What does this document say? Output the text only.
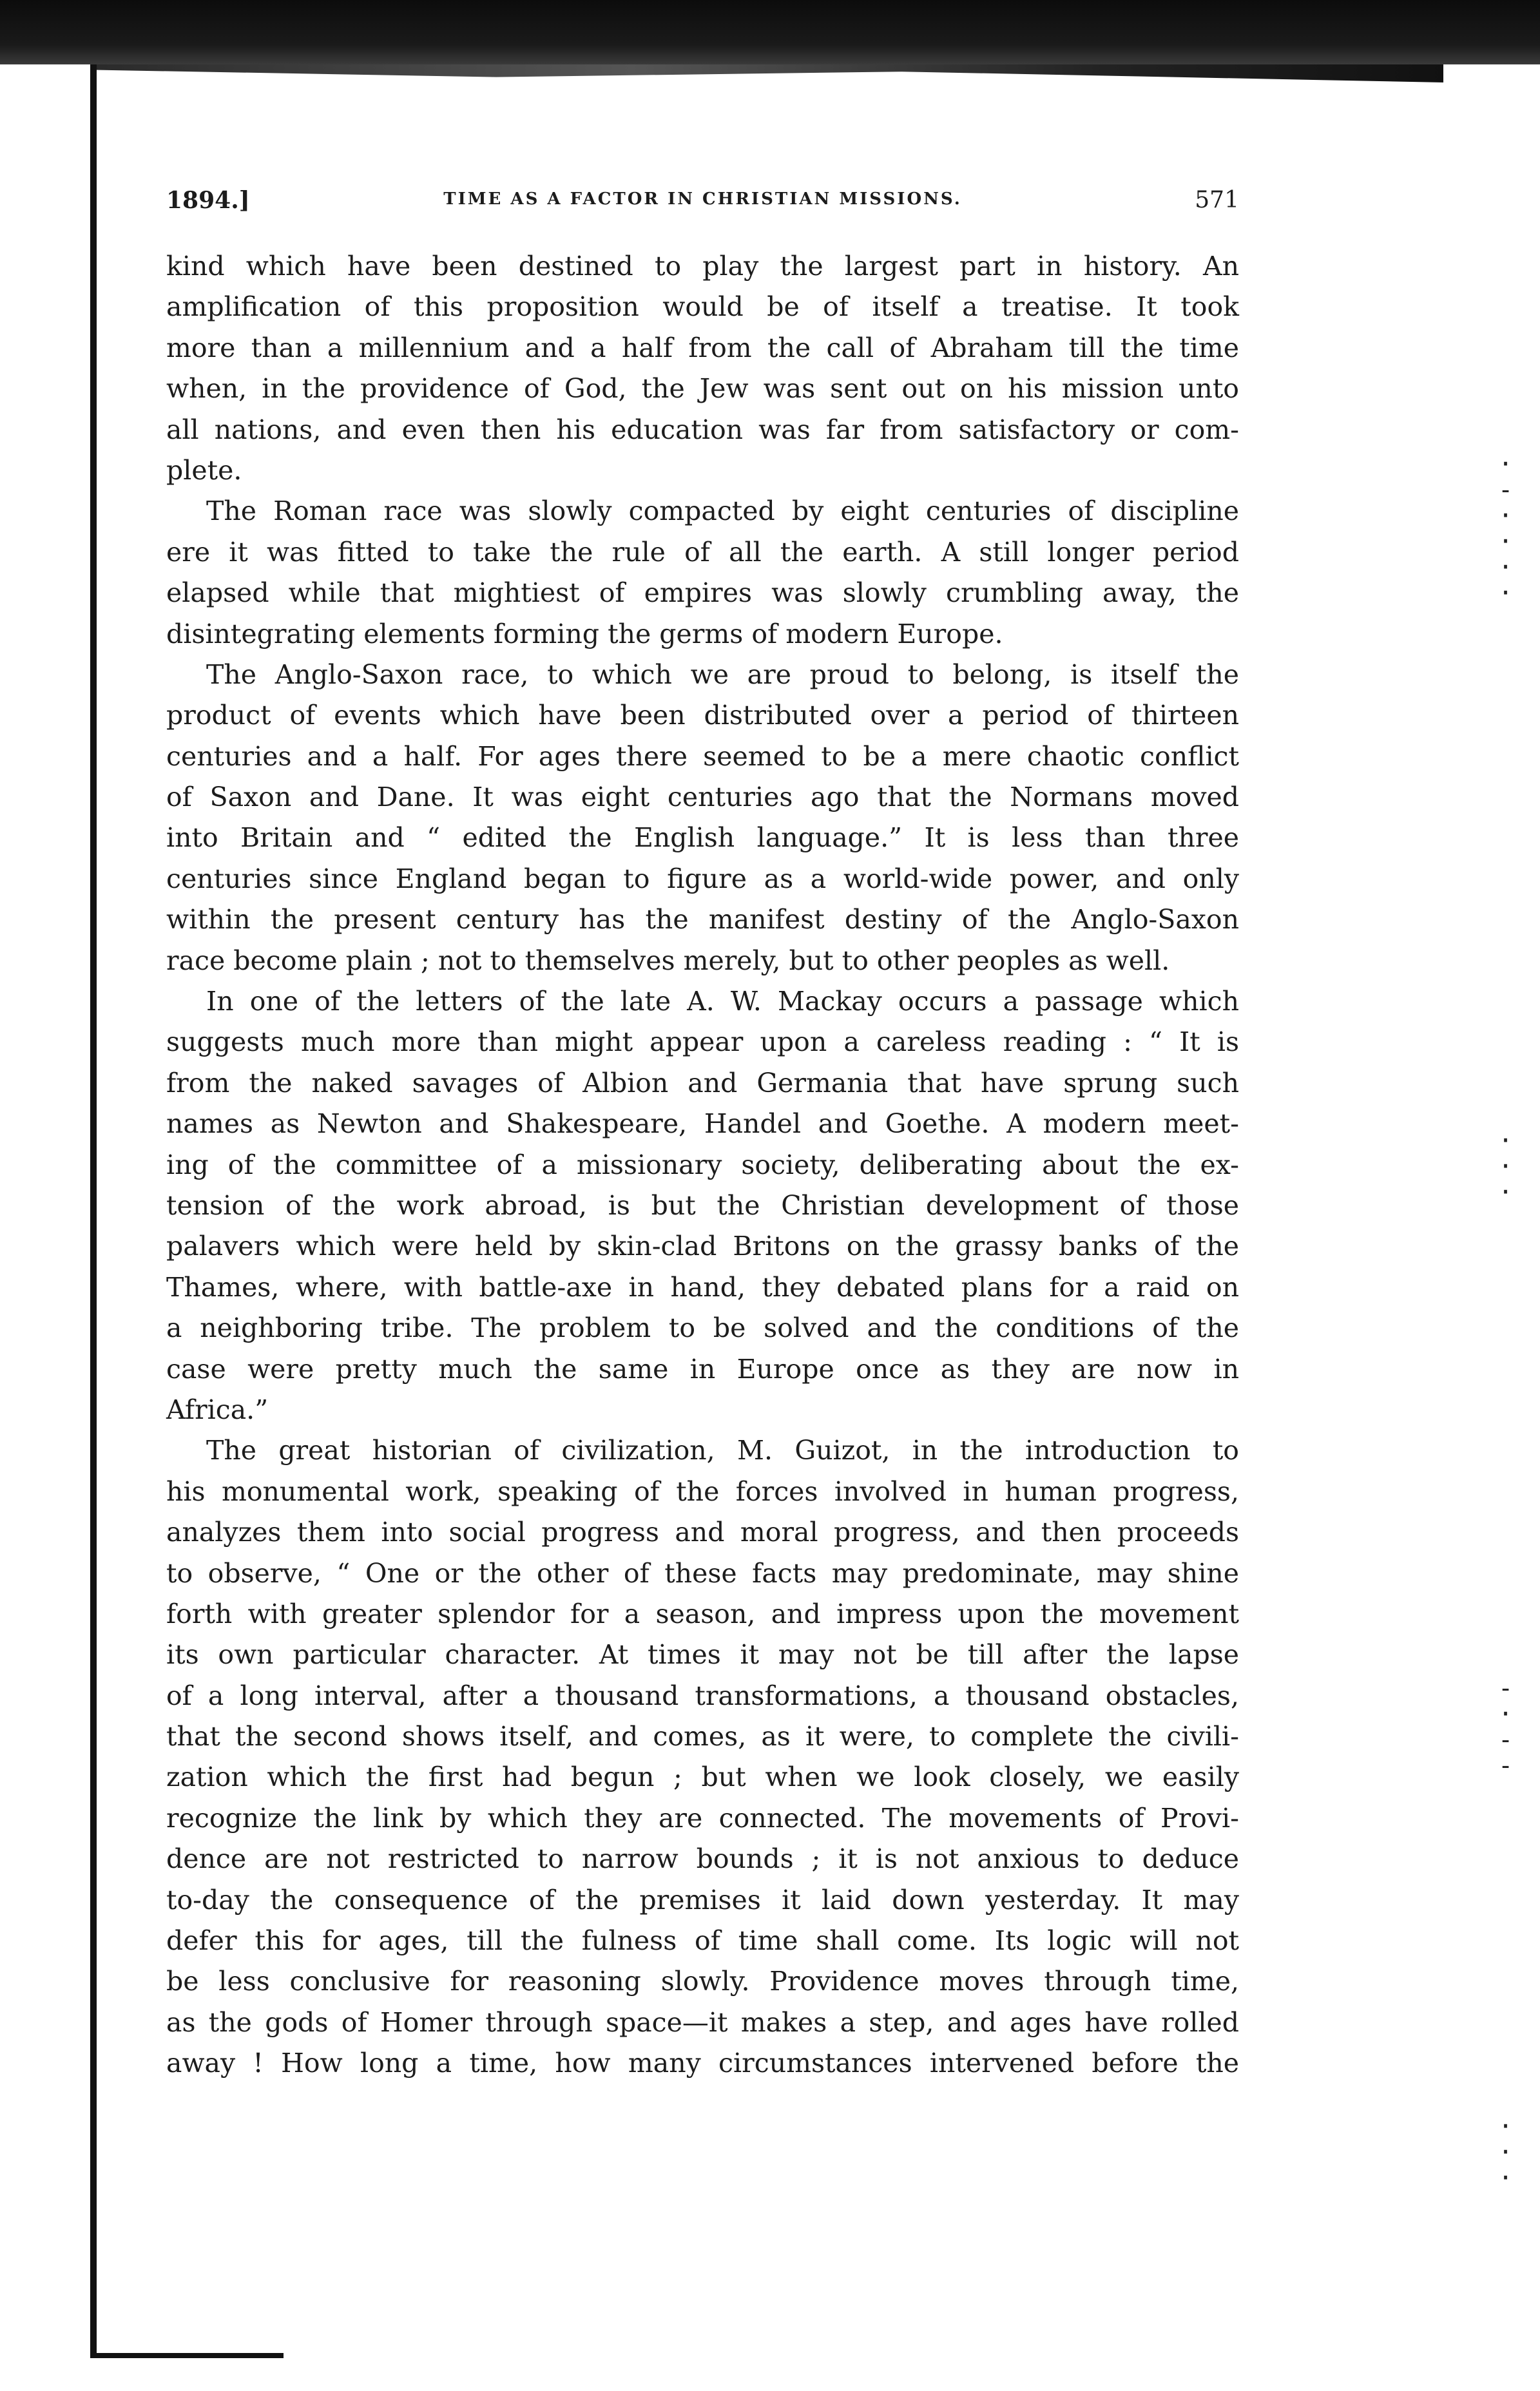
·
-
·
·
·
·
·
·
·
-
·
-
-
·
·
·
1894.]	TIME AS A FACTOR IN CHRISTIAN MISSIONS.	571
kind which have been destined to play the largest part in history. An
amplification of this proposition would be of itself a treatise. It took
more than a millennium and a half from the call of Abraham till the time
when, in the providence of God, the Jew was sent out on his mission unto
all nations, and even then his education was far from satisfactory or com-
plete.
The Roman race was slowly compacted by eight centuries of discipline
ere it was fitted to take the rule of all the earth. A still longer period
elapsed while that mightiest of empires was slowly crumbling away, the
disintegrating elements forming the germs of modern Europe.
The Anglo-Saxon race, to which we are proud to belong, is itself the
product of events which have been distributed over a period of thirteen
centuries and a half. For ages there seemed to be a mere chaotic conflict
of Saxon and Dane. It was eight centuries ago that the Normans moved
into Britain and “ edited the English language.” It is less than three
centuries since England began to figure as a world-wide power, and only
within the present century has the manifest destiny of the Anglo-Saxon
race become plain ; not to themselves merely, but to other peoples as well.
In one of the letters of the late A. W. Mackay occurs a passage which
suggests much more than might appear upon a careless reading : “ It is
from the naked savages of Albion and Germania that have sprung such
names as Newton and Shakespeare, Handel and Goethe. A modern meet-
ing of the committee of a missionary society, deliberating about the ex-
tension of the work abroad, is but the Christian development of those
palavers which were held by skin-clad Britons on the grassy banks of the
Thames, where, with battle-axe in hand, they debated plans for a raid on
a neighboring tribe. The problem to be solved and the conditions of the
case were pretty much the same in Europe once as they are now in
Africa.”
The great historian of civilization, M. Guizot, in the introduction to
his monumental work, speaking of the forces involved in human progress,
analyzes them into social progress and moral progress, and then proceeds
to observe, “ One or the other of these facts may predominate, may shine
forth with greater splendor for a season, and impress upon the movement
its own particular character. At times it may not be till after the lapse
of a long interval, after a thousand transformations, a thousand obstacles,
that the second shows itself, and comes, as it were, to complete the civili-
zation which the first had begun ; but when we look closely, we easily
recognize the link by which they are connected. The movements of Provi-
dence are not restricted to narrow bounds ; it is not anxious to deduce
to-day the consequence of the premises it laid down yesterday. It may
defer this for ages, till the fulness of time shall come. Its logic will not
be less conclusive for reasoning slowly. Providence moves through time,
as the gods of Homer through space—it makes a step, and ages have rolled
away ! How long a time, how many circumstances intervened before the
